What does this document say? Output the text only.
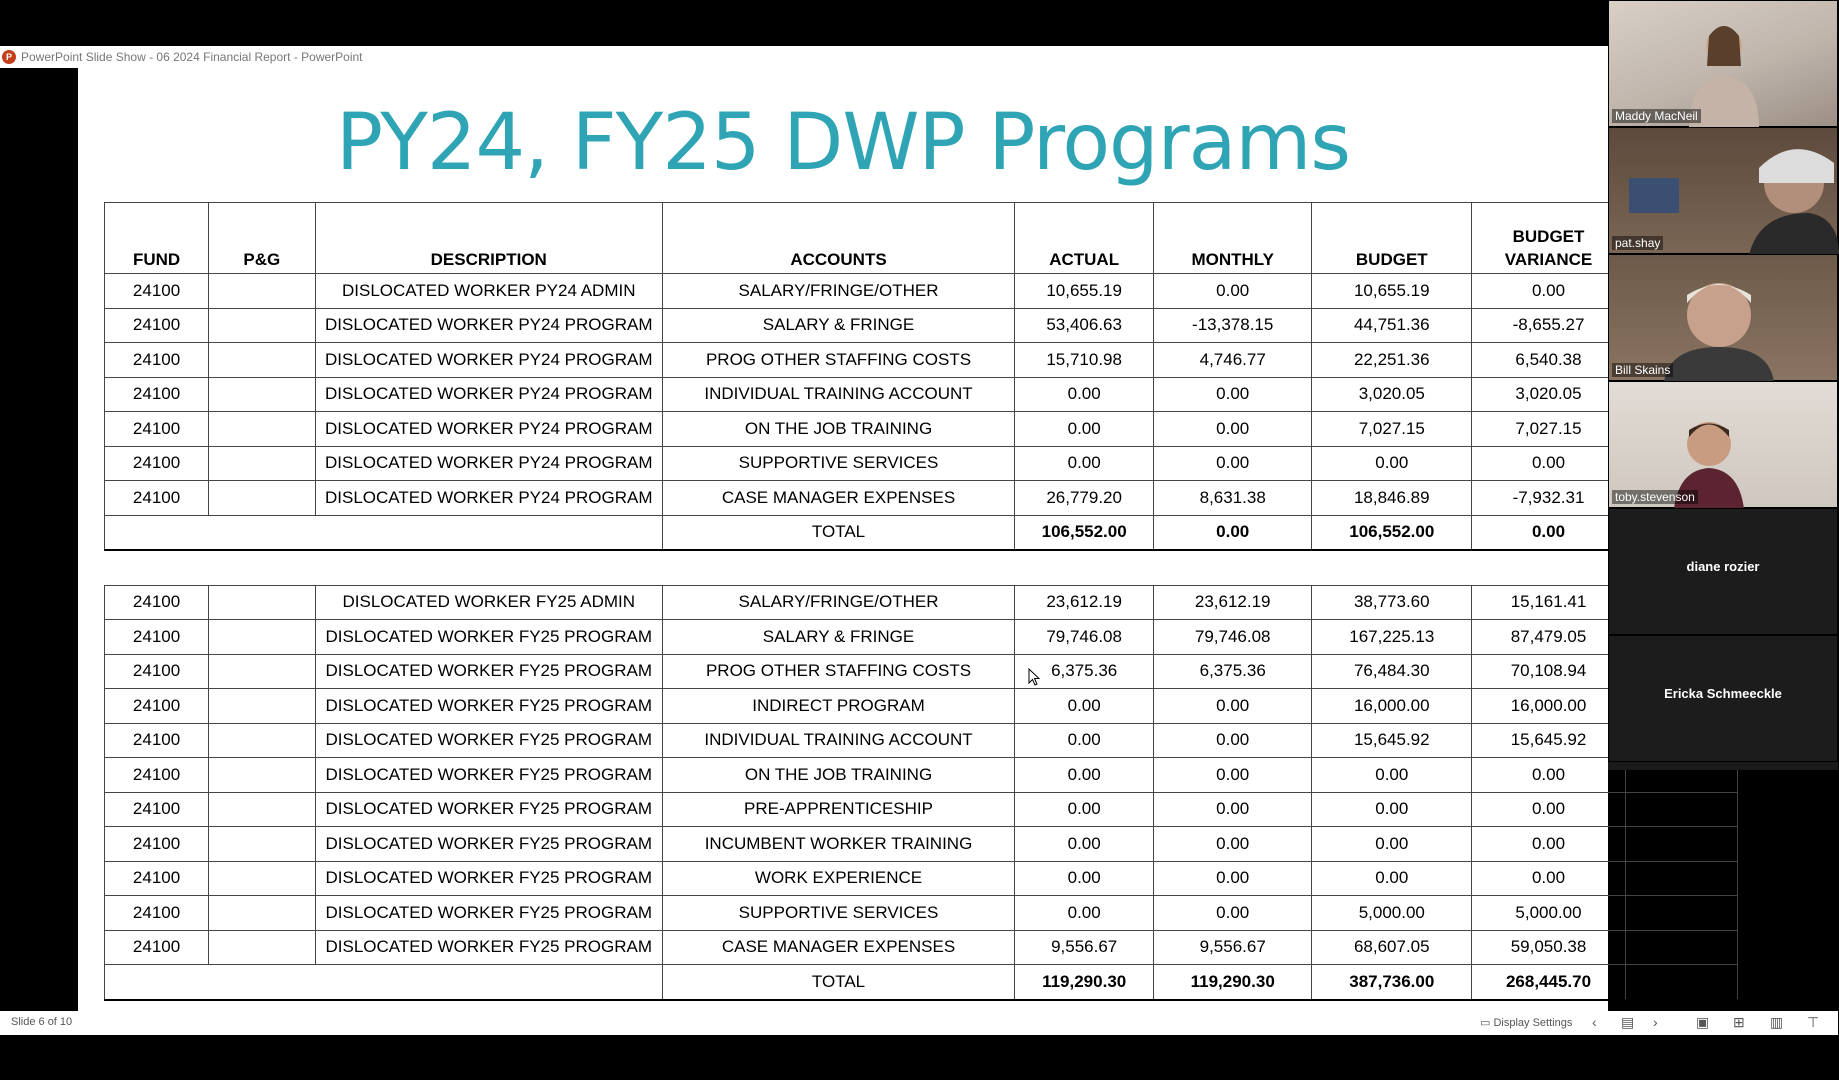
P PowerPoint Slide Show - 06 2024 Financial Report - PowerPoint
PY24, FY25 DWP Programs
FUND	P&G	DESCRIPTION	ACCOUNTS	ACTUAL	MONTHLY	BUDGET	BUDGET VARIANCE	
24100		DISLOCATED WORKER PY24 ADMIN	SALARY/FRINGE/OTHER	10,655.19	0.00	10,655.19	0.00	
24100		DISLOCATED WORKER PY24 PROGRAM	SALARY & FRINGE	53,406.63	-13,378.15	44,751.36	-8,655.27	
24100		DISLOCATED WORKER PY24 PROGRAM	PROG OTHER STAFFING COSTS	15,710.98	4,746.77	22,251.36	6,540.38	
24100		DISLOCATED WORKER PY24 PROGRAM	INDIVIDUAL TRAINING ACCOUNT	0.00	0.00	3,020.05	3,020.05	
24100		DISLOCATED WORKER PY24 PROGRAM	ON THE JOB TRAINING	0.00	0.00	7,027.15	7,027.15	
24100		DISLOCATED WORKER PY24 PROGRAM	SUPPORTIVE SERVICES	0.00	0.00	0.00	0.00	
24100		DISLOCATED WORKER PY24 PROGRAM	CASE MANAGER EXPENSES	26,779.20	8,631.38	18,846.89	-7,932.31	
			TOTAL	106,552.00	0.00	106,552.00	0.00	

24100		DISLOCATED WORKER FY25 ADMIN	SALARY/FRINGE/OTHER	23,612.19	23,612.19	38,773.60	15,161.41	
24100		DISLOCATED WORKER FY25 PROGRAM	SALARY & FRINGE	79,746.08	79,746.08	167,225.13	87,479.05	
24100		DISLOCATED WORKER FY25 PROGRAM	PROG OTHER STAFFING COSTS	6,375.36	6,375.36	76,484.30	70,108.94	
24100		DISLOCATED WORKER FY25 PROGRAM	INDIRECT PROGRAM	0.00	0.00	16,000.00	16,000.00	
24100		DISLOCATED WORKER FY25 PROGRAM	INDIVIDUAL TRAINING ACCOUNT	0.00	0.00	15,645.92	15,645.92	
24100		DISLOCATED WORKER FY25 PROGRAM	ON THE JOB TRAINING	0.00	0.00	0.00	0.00	
24100		DISLOCATED WORKER FY25 PROGRAM	PRE-APPRENTICESHIP	0.00	0.00	0.00	0.00	
24100		DISLOCATED WORKER FY25 PROGRAM	INCUMBENT WORKER TRAINING	0.00	0.00	0.00	0.00	
24100		DISLOCATED WORKER FY25 PROGRAM	WORK EXPERIENCE	0.00	0.00	0.00	0.00	
24100		DISLOCATED WORKER FY25 PROGRAM	SUPPORTIVE SERVICES	0.00	0.00	5,000.00	5,000.00	
24100		DISLOCATED WORKER FY25 PROGRAM	CASE MANAGER EXPENSES	9,556.67	9,556.67	68,607.05	59,050.38	
			TOTAL	119,290.30	119,290.30	387,736.00	268,445.70	0.00
Maddy MacNeil
pat.shay
Bill Skains
toby.stevenson
diane rozier
Ericka Schmeeckle
Slide 6 of 10	▭ Display Settings ‹ ▤ ›	▣ ⊞ ▥ ⊤
